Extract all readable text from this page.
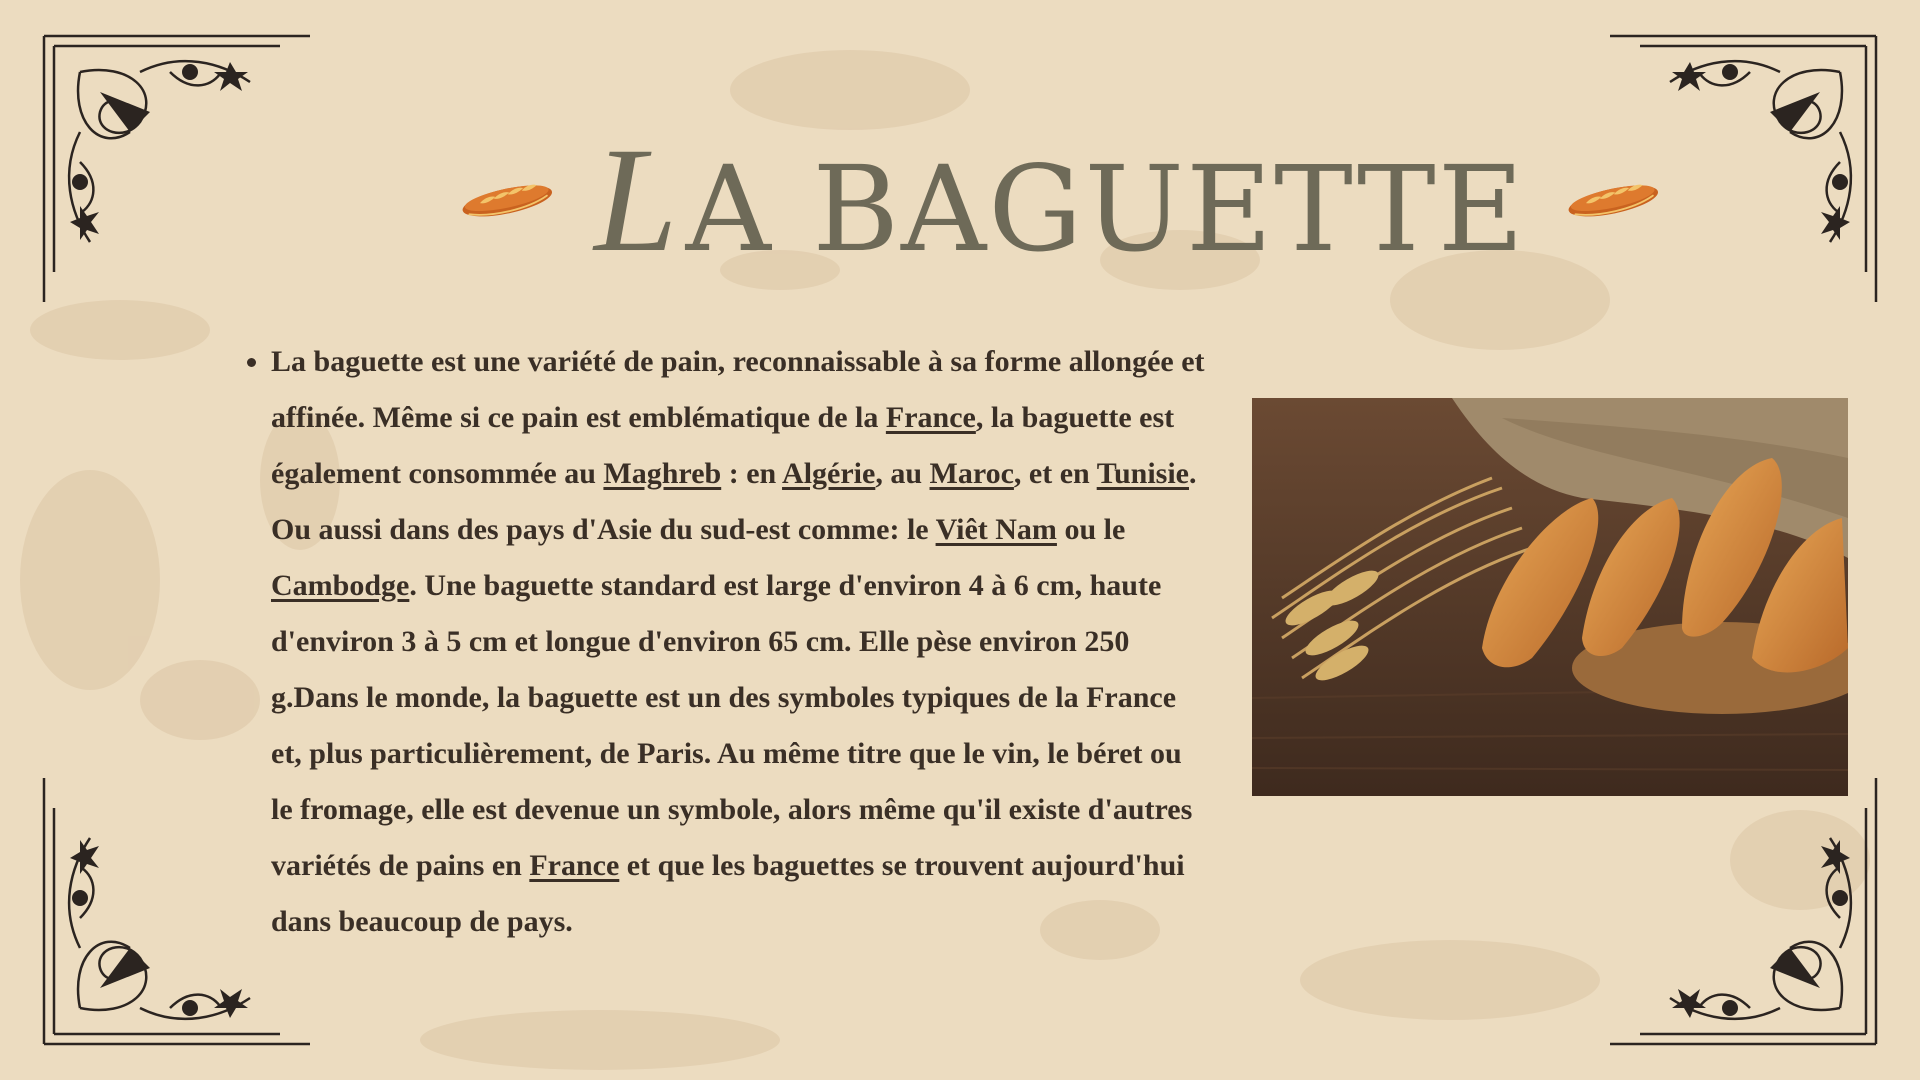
LA BAGUETTE
• La baguette est une variété de pain, reconnaissable à sa forme allongée et affinée. Même si ce pain est emblématique de la France, la baguette est également consommée au Maghreb : en Algérie, au Maroc, et en Tunisie. Ou aussi dans des pays d'Asie du sud-est comme: le Viêt Nam ou le Cambodge. Une baguette standard est large d'environ 4 à 6 cm, haute d'environ 3 à 5 cm et longue d'environ 65 cm. Elle pèse environ 250 g.Dans le monde, la baguette est un des symboles typiques de la France et, plus particulièrement, de Paris. Au même titre que le vin, le béret ou le fromage, elle est devenue un symbole, alors même qu'il existe d'autres variétés de pains en France et que les baguettes se trouvent aujourd'hui dans beaucoup de pays.
